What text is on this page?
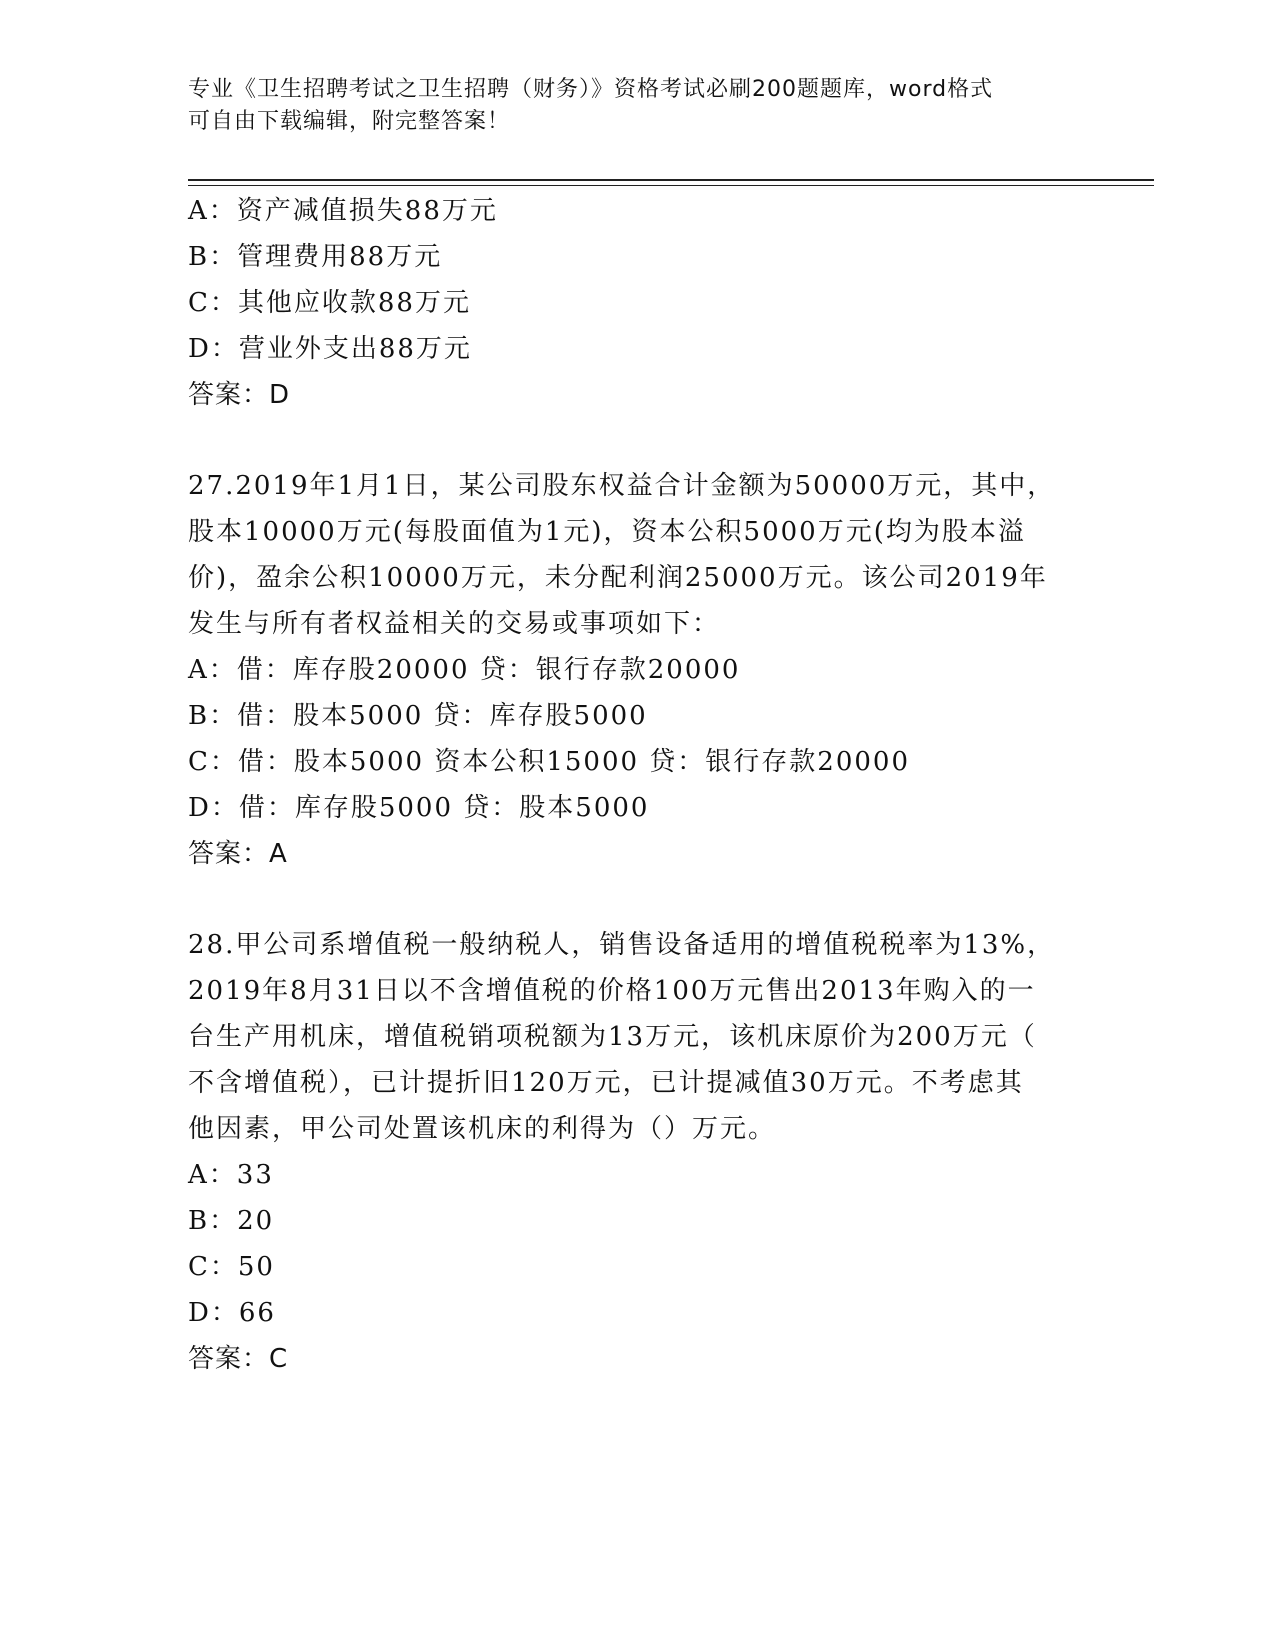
专业《卫生招聘考试之卫生招聘（财务）》资格考试必刷200题题库，word格式
可自由下载编辑，附完整答案！
A：资产减值损失88万元
B：管理费用88万元
C：其他应收款88万元
D：营业外支出88万元
答案：D
27.2019年1月1日，某公司股东权益合计金额为50000万元，其中，
股本10000万元(每股面值为1元)，资本公积5000万元(均为股本溢
价)，盈余公积10000万元，未分配利润25000万元。该公司2019年
发生与所有者权益相关的交易或事项如下：
A：借：库存股20000 贷：银行存款20000
B：借：股本5000 贷：库存股5000
C：借：股本5000 资本公积15000 贷：银行存款20000
D：借：库存股5000 贷：股本5000
答案：A
28.甲公司系增值税一般纳税人，销售设备适用的增值税税率为13%，
2019年8月31日以不含增值税的价格100万元售出2013年购入的一
台生产用机床，增值税销项税额为13万元，该机床原价为200万元（
不含增值税），已计提折旧120万元，已计提减值30万元。不考虑其
他因素，甲公司处置该机床的利得为（）万元。
A：33
B：20
C：50
D：66
答案：C
